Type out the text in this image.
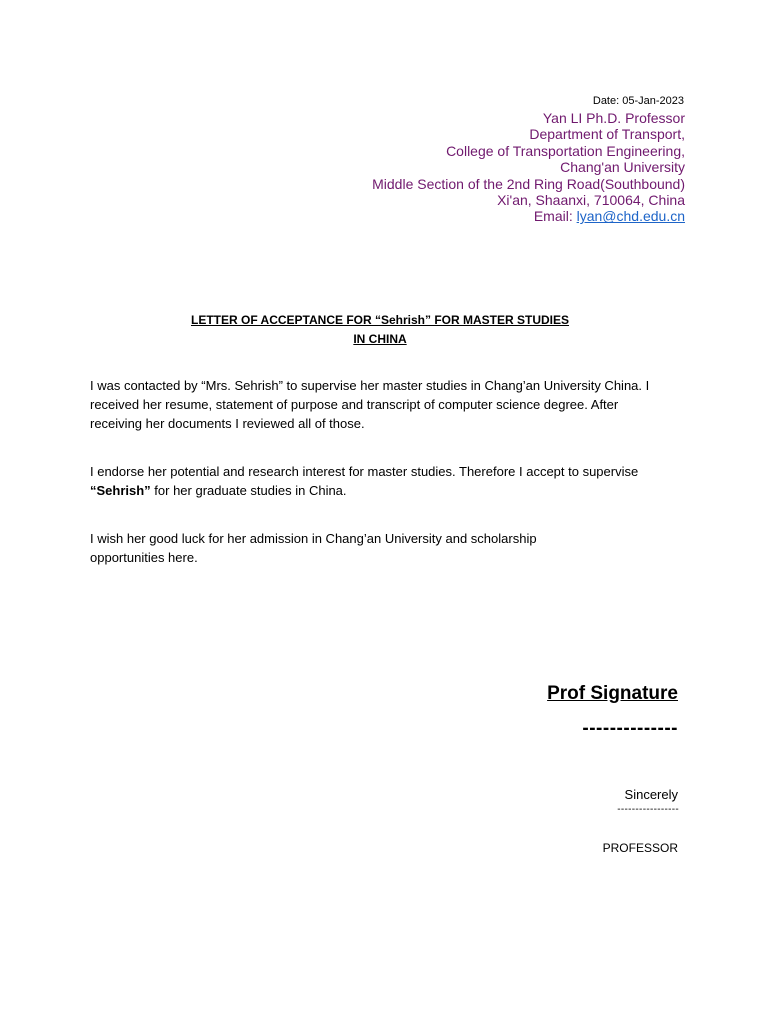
Date: 05-Jan-2023
Yan LI Ph.D. Professor
Department of Transport,
College of Transportation Engineering,
Chang'an University
Middle Section of the 2nd Ring Road(Southbound)
Xi'an, Shaanxi, 710064, China
Email: lyan@chd.edu.cn
LETTER OF ACCEPTANCE FOR “Sehrish” FOR MASTER STUDIES
IN CHINA
I was contacted by “Mrs. Sehrish” to supervise her master studies in Chang’an University China. I received her resume, statement of purpose and transcript of computer science degree. After receiving her documents I reviewed all of those.
I endorse her potential and research interest for master studies. Therefore I accept to supervise “Sehrish” for her graduate studies in China.
I wish her good luck for her admission in Chang’an University and scholarship opportunities here.
Prof Signature
--------------
Sincerely
-----------------
PROFESSOR
